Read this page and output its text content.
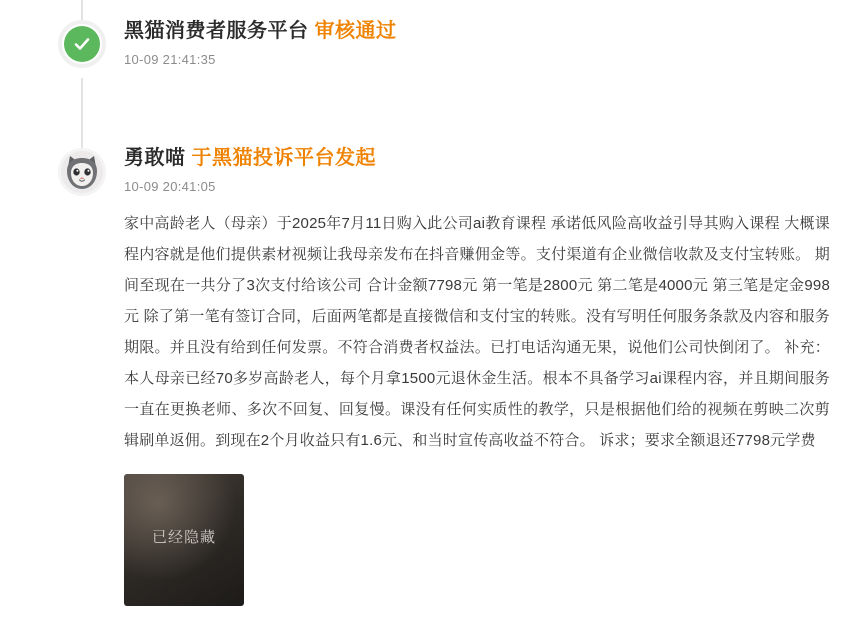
黑猫消费者服务平台 审核通过

10-09 21:41:35

勇敢喵 于黑猫投诉平台发起

10-09 20:41:05

家中高龄老人（母亲）于2025年7月11日购入此公司ai教育课程 承诺低风险高收益引导其购入课程 大概课程内容就是他们提供素材视频让我母亲发布在抖音赚佣金等。支付渠道有企业微信收款及支付宝转账。 期间至现在一共分了3次支付给该公司 合计金额7798元 第一笔是2800元 第二笔是4000元 第三笔是定金998元 除了第一笔有签订合同，后面两笔都是直接微信和支付宝的转账。没有写明任何服务条款及内容和服务期限。并且没有给到任何发票。不符合消费者权益法。已打电话沟通无果，说他们公司快倒闭了。 补充：本人母亲已经70多岁高龄老人，每个月拿1500元退休金生活。根本不具备学习ai课程内容，并且期间服务一直在更换老师、多次不回复、回复慢。课没有任何实质性的教学，只是根据他们给的视频在剪映二次剪辑刷单返佣。到现在2个月收益只有1.6元、和当时宣传高收益不符合。 诉求；要求全额退还7798元学费

已经隐藏
